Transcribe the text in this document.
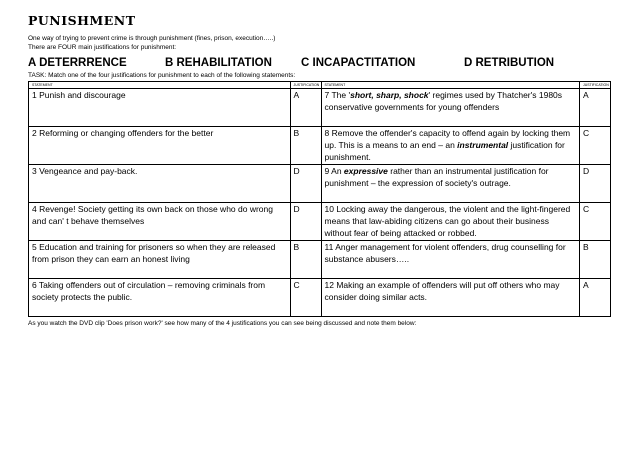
PUNISHMENT

One way of trying to prevent crime is through punishment (fines, prison, execution…..)

There are FOUR main justifications for punishment:

A DETERRRENCE	B REHABILITATION	C INCAPACTITATION	D RETRIBUTION
TASK: Match one of the four justifications for punishment to each of the following statements:
STATEMENT	JUSTIFICATION	STATEMENT	JUSTIFICATION
1 Punish and discourage	A	7 The 'short, sharp, shock' regimes used by Thatcher's 1980s conservative governments for young offenders	A
2 Reforming or changing offenders for the better	B	8 Remove the offender's capacity to offend again by locking them up. This is a means to an end – an instrumental justification for punishment.	C
3 Vengeance and pay-back.	D	9 An expressive rather than an instrumental justification for punishment – the expression of society's outrage.	D
4 Revenge! Society getting its own back on those who do wrong and can' t behave themselves	D	10 Locking away the dangerous, the violent and the light-fingered means that law-abiding citizens can go about their business without fear of being attacked or robbed.	C
5 Education and training for prisoners so when they are released from prison they can earn an honest living	B	11 Anger management for violent offenders, drug counselling for substance abusers…..	B
6 Taking offenders out of circulation – removing criminals from society protects the public.	C	12 Making an example of offenders will put off others who may consider doing similar acts.	A
As you watch the DVD clip 'Does prison work?' see how many of the 4 justifications you can see being discussed and note them below:
